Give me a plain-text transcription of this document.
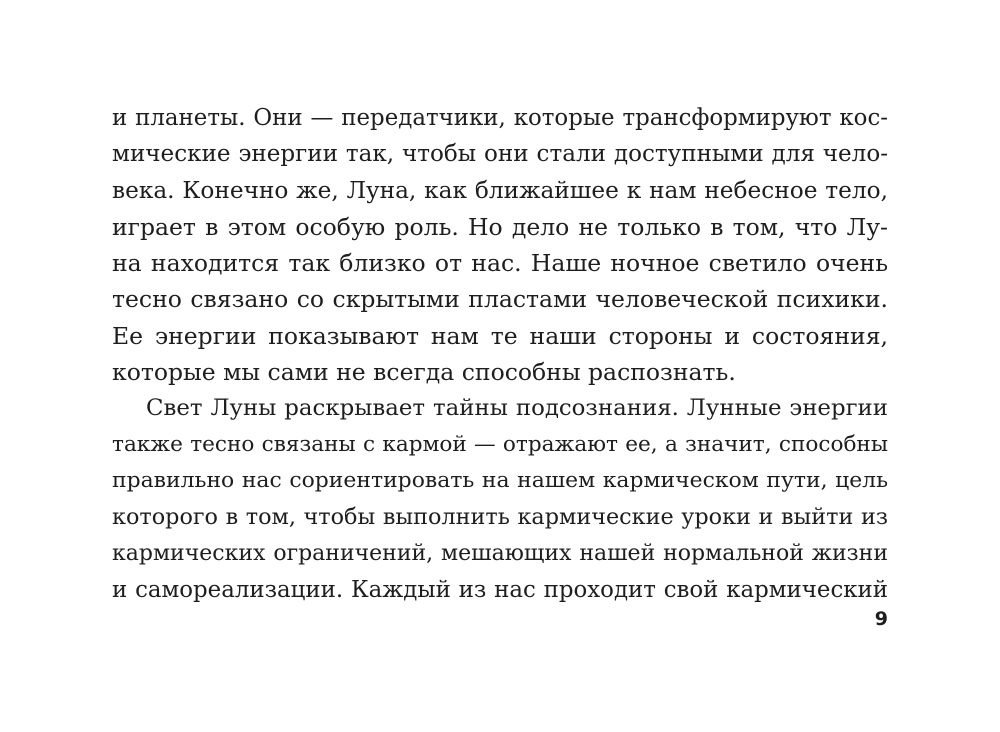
и планеты. Они — передатчики, которые трансформируют кос-
мические энергии так, чтобы они стали доступными для чело-
века. Конечно же, Луна, как ближайшее к нам небесное тело,
играет в этом особую роль. Но дело не только в том, что Лу-
на находится так близко от нас. Наше ночное светило очень
тесно связано со скрытыми пластами человеческой психики.
Ее энергии показывают нам те наши стороны и состояния,
которые мы сами не всегда способны распознать.
Свет Луны раскрывает тайны подсознания. Лунные энергии
также тесно связаны с кармой — отражают ее, а значит, способны
правильно нас сориентировать на нашем кармическом пути, цель
которого в том, чтобы выполнить кармические уроки и выйти из
кармических ограничений, мешающих нашей нормальной жизни
и самореализации. Каждый из нас проходит свой кармический
9
